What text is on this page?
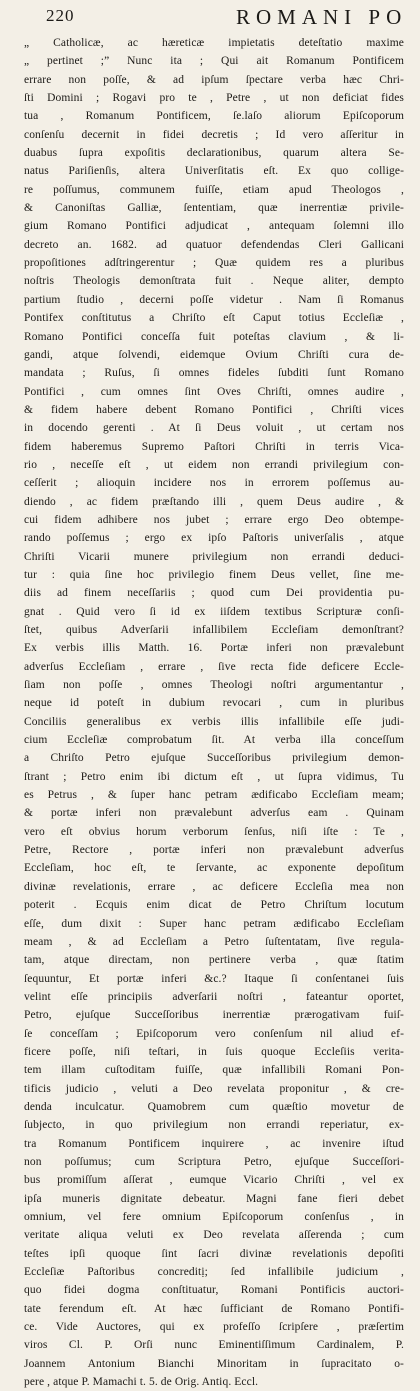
220	ROMANI PO
„ Catholicæ, ac hæreticæ impietatis deteſtatio maxime
„ pertinet ;” Nunc ita ; Qui ait Romanum Pontificem
errare non poſſe, & ad ipſum ſpectare verba hæc Chri-
ſti Domini ; Rogavi pro te , Petre , ut non deficiat fides
tua , Romanum Pontificem, ſe.laſo aliorum Epiſcoporum
conſenſu decernit in fidei decretis ; Id vero aſſeritur in
duabus ſupra expoſitis declarationibus, quarum altera Se-
natus Pariſienſis, altera Univerſitatis eſt. Ex quo collige-
re poſſumus, communem fuiſſe, etiam apud Theologos ,
& Canoniſtas Galliæ, ſententiam, quæ inerrentiæ privile-
gium Romano Pontifici adjudicat , antequam ſolemni illo
decreto an. 1682. ad quatuor defendendas Cleri Gallicani
propoſitiones adſtringerentur ; Quæ quidem res a pluribus
noſtris Theologis demonſtrata fuit . Neque aliter, dempto
partium ſtudio , decerni poſſe videtur . Nam ſi Romanus
Pontifex conſtitutus a Chriſto eſt Caput totius Eccleſiæ ,
Romano Pontifici conceſſa fuit poteſtas clavium , & li-
gandi, atque ſolvendi, eidemque Ovium Chriſti cura de-
mandata ; Ruſus, ſi omnes fideles ſubditi ſunt Romano
Pontifici , cum omnes ſint Oves Chriſti, omnes audire ,
& fidem habere debent Romano Pontifici , Chriſti vices
in docendo gerenti . At ſi Deus voluit , ut certam nos
fidem haberemus Supremo Paſtori Chriſti in terris Vica-
rio , neceſſe eſt , ut eidem non errandi privilegium con-
ceſſerit ; alioquin incidere nos in errorem poſſemus au-
diendo , ac fidem præſtando illi , quem Deus audire , &
cui fidem adhibere nos jubet ; errare ergo Deo obtempe-
rando poſſemus ; ergo ex ipſo Paſtoris univerſalis , atque
Chriſti Vicarii munere privilegium non errandi deduci-
tur : quia ſine hoc privilegio finem Deus vellet, ſine me-
diis ad finem neceſſariis ; quod cum Dei providentia pu-
gnat . Quid vero ſi id ex iiſdem textibus Scripturæ conſi-
ſtet, quibus Adverſarii infallibilem Eccleſiam demonſtrant?
Ex verbis illis Matth. 16. Portæ inferi non prævalebunt
adverſus Eccleſiam , errare , ſive recta fide deficere Eccle-
ſiam non poſſe , omnes Theologi noſtri argumentantur ,
neque id poteſt in dubium revocari , cum in pluribus
Conciliis generalibus ex verbis illis infallibile eſſe judi-
cium Eccleſiæ comprobatum ſit. At verba illa conceſſum
a Chriſto Petro ejuſque Succeſſoribus privilegium demon-
ſtrant ; Petro enim ibi dictum eſt , ut ſupra vidimus, Tu
es Petrus , & ſuper hanc petram ædificabo Eccleſiam meam;
& portæ inferi non prævalebunt adverſus eam . Quinam
vero eſt obvius horum verborum ſenſus, niſi iſte : Te ,
Petre, Rectore , portæ inferi non prævalebunt adverſus
Eccleſiam, hoc eſt, te ſervante, ac exponente depoſitum
divinæ revelationis, errare , ac deficere Eccleſia mea non
poterit . Ecquis enim dicat de Petro Chriſtum locutum
eſſe, dum dixit : Super hanc petram ædificabo Eccleſiam
meam , & ad Eccleſiam a Petro ſuſtentatam, ſive regula-
tam, atque directam, non pertinere verba , quæ ſtatim
ſequuntur, Et portæ inferi &c.? Itaque ſi conſentanei ſuis
velint eſſe principiis adverſarii noſtri , fateantur oportet,
Petro, ejuſque Succeſſoribus inerrentiæ prærogativam fuiſ-
ſe conceſſam ; Epiſcoporum vero conſenſum nil aliud ef-
ficere poſſe, niſi teſtari, in ſuis quoque Eccleſiis verita-
tem illam cuſtoditam fuiſſe, quæ infallibili Romani Pon-
tificis judicio , veluti a Deo revelata proponitur , & cre-
denda inculcatur. Quamobrem cum quæſtio movetur de
ſubjecto, in quo privilegium non errandi reperiatur, ex-
tra Romanum Pontificem inquirere , ac invenire iſtud
non poſſumus; cum Scriptura Petro, ejuſque Succeſſori-
bus promiſſum aſſerat , eumque Vicario Chriſti , vel ex
ipſa muneris dignitate debeatur. Magni fane fieri debet
omnium, vel fere omnium Epiſcoporum conſenſus , in
veritate aliqua veluti ex Deo revelata aſſerenda ; cum
teſtes ipſi quoque ſint ſacri divinæ revelationis depoſiti
Eccleſiæ Paſtoribus concreditị; ſed infallibile judicium ,
quo fidei dogma conſtituatur, Romani Pontificis auctori-
tate ferendum eſt. At hæc ſufficiant de Romano Pontifi-
ce. Vide Auctores, qui ex profeſſo ſcripſere , præſertim
viros Cl. P. Orſi nunc Eminentiſſimum Cardinalem, P.
Joannem Antonium Bianchi Minoritam in ſupracitato o-
pere , atque P. Mamachi t. 5. de Orig. Antiq. Eccl.
